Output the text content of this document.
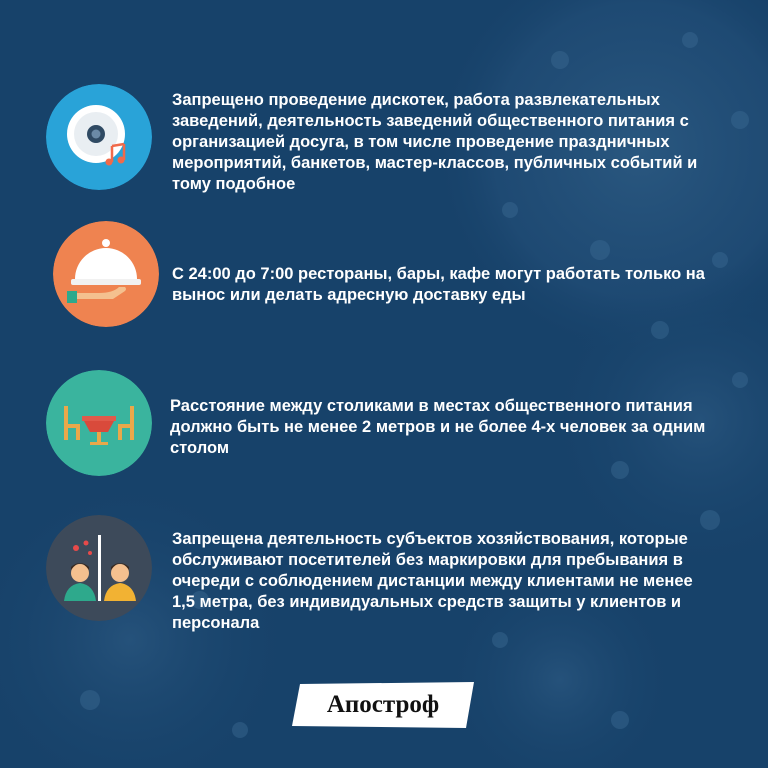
Запрещено проведение дискотек, работа развлекательных заведений, деятельность заведений общественного питания с организацией досуга, в том числе проведение праздничных мероприятий, банкетов, мастер-классов, публичных событий и тому подобное
С 24:00 до 7:00 рестораны, бары, кафе могут работать только на вынос или делать адресную доставку еды
Расстояние между столиками в местах общественного питания должно быть не менее 2 метров и не более 4-х человек за одним столом
Запрещена деятельность субъектов хозяйствования, которые обслуживают посетителей без маркировки для пребывания в очереди с соблюдением дистанции между клиентами не менее 1,5 метра, без индивидуальных средств защиты у клиентов и персонала
Апостроф
